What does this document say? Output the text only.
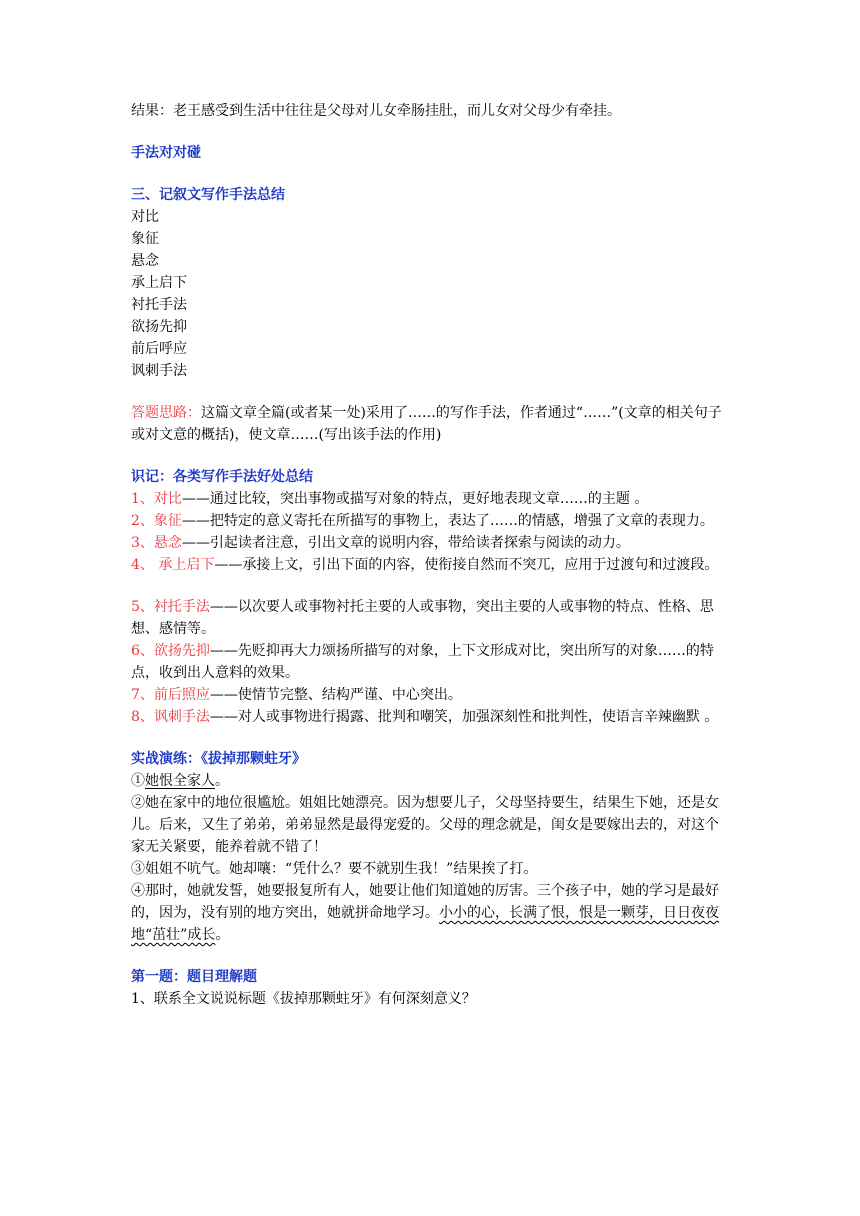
结果：老王感受到生活中往往是父母对儿女牵肠挂肚，而儿女对父母少有牵挂。

手法对对碰

三、记叙文写作手法总结

对比

象征

悬念

承上启下

衬托手法

欲扬先抑

前后呼应

讽刺手法

答题思路：这篇文章全篇(或者某一处)采用了……的写作手法，作者通过“……”(文章的相关句子或对文意的概括)，使文章……(写出该手法的作用)

识记：各类写作手法好处总结

1、对比——通过比较，突出事物或描写对象的特点，更好地表现文章……的主题 。

2、象征——把特定的意义寄托在所描写的事物上，表达了……的情感，增强了文章的表现力。

3、悬念——引起读者注意，引出文章的说明内容，带给读者探索与阅读的动力。

4、 承上启下——承接上文，引出下面的内容，使衔接自然而不突兀，应用于过渡句和过渡段。

5、衬托手法——以次要人或事物衬托主要的人或事物，突出主要的人或事物的特点、性格、思想、感情等。

6、欲扬先抑——先贬抑再大力颂扬所描写的对象，上下文形成对比，突出所写的对象……的特点，收到出人意料的效果。

7、前后照应——使情节完整、结构严谨、中心突出。

8、讽刺手法——对人或事物进行揭露、批判和嘲笑，加强深刻性和批判性，使语言辛辣幽默 。

实战演练：《拔掉那颗蛀牙》

①她恨全家人。

②她在家中的地位很尴尬。姐姐比她漂亮。因为想要儿子，父母坚持要生，结果生下她，还是女儿。后来，又生了弟弟，弟弟显然是最得宠爱的。父母的理念就是，闺女是要嫁出去的，对这个家无关紧要，能养着就不错了！

③姐姐不吭气。她却嚷：“凭什么？要不就别生我！”结果挨了打。

④那时，她就发誓，她要报复所有人，她要让他们知道她的厉害。三个孩子中，她的学习是最好的，因为，没有别的地方突出，她就拼命地学习。小小的心，长满了恨，恨是一颗芽，日日夜夜地“茁壮”成长。

第一题：题目理解题

1、联系全文说说标题《拔掉那颗蛀牙》有何深刻意义？
